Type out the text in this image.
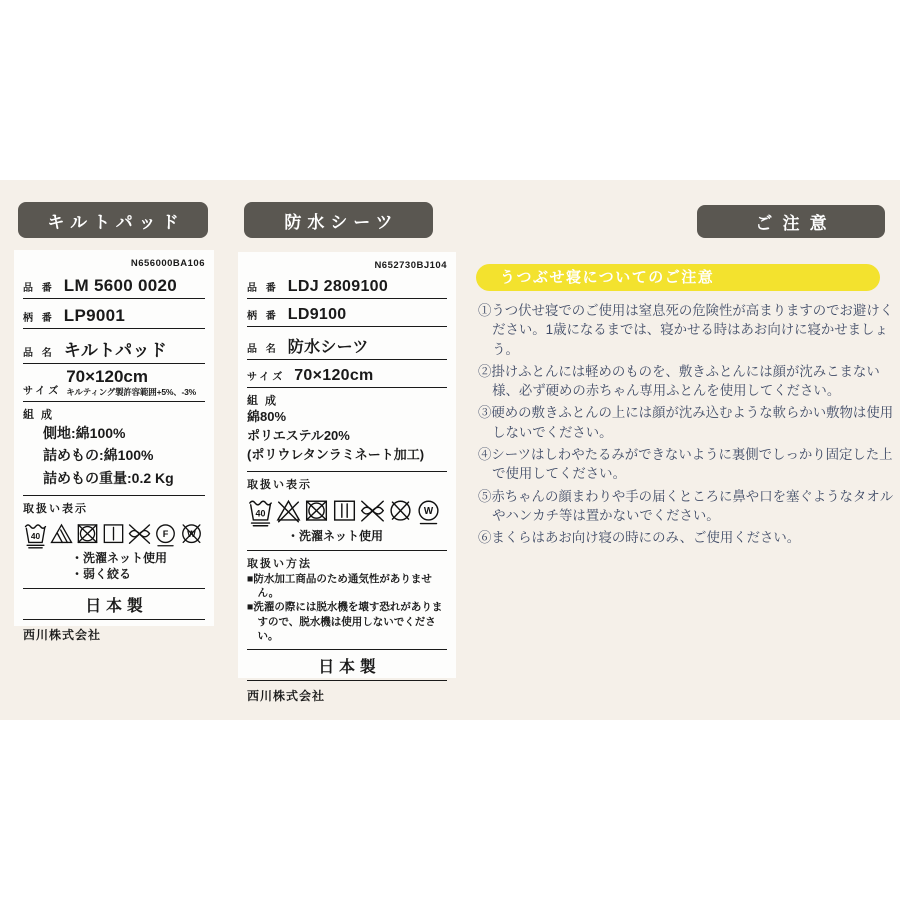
キルトパッド	防水シーツ	ご注意
N656000BA106
品 番 LM 5600 0020
柄 番 LP9001
品 名 キルトパッド
サイズ
70×120cm
キルティング製許容範囲+5%、-3%
組 成
側地:綿100%
詰めもの:綿100%
詰めもの重量:0.2 Kg
取扱い表示
40	F W
・洗濯ネット使用
・弱く絞る
日本製
西川株式会社
N652730BJ104
品 番 LDJ 2809100
柄 番 LD9100
品 名 防水シーツ
サイズ 70×120cm
組 成
綿80%
ポリエステル20%
(ポリウレタンラミネート加工)
取扱い表示
40	W
・洗濯ネット使用
取扱い方法
■防水加工商品のため通気性がありません。
■洗濯の際には脱水機を壊す恐れがありますので、脱水機は使用しないでください。
日本製
西川株式会社
うつぶせ寝についてのご注意
①うつ伏せ寝でのご使用は窒息死の危険性が高まりますのでお避けください。1歳になるまでは、寝かせる時はあお向けに寝かせましょう。
②掛けふとんには軽めのものを、敷きふとんには顔が沈みこまない様、必ず硬めの赤ちゃん専用ふとんを使用してください。
③硬めの敷きふとんの上には顔が沈み込むような軟らかい敷物は使用しないでください。
④シーツはしわやたるみができないように裏側でしっかり固定した上で使用してください。
⑤赤ちゃんの顔まわりや手の届くところに鼻や口を塞ぐようなタオルやハンカチ等は置かないでください。
⑥まくらはあお向け寝の時にのみ、ご使用ください。
